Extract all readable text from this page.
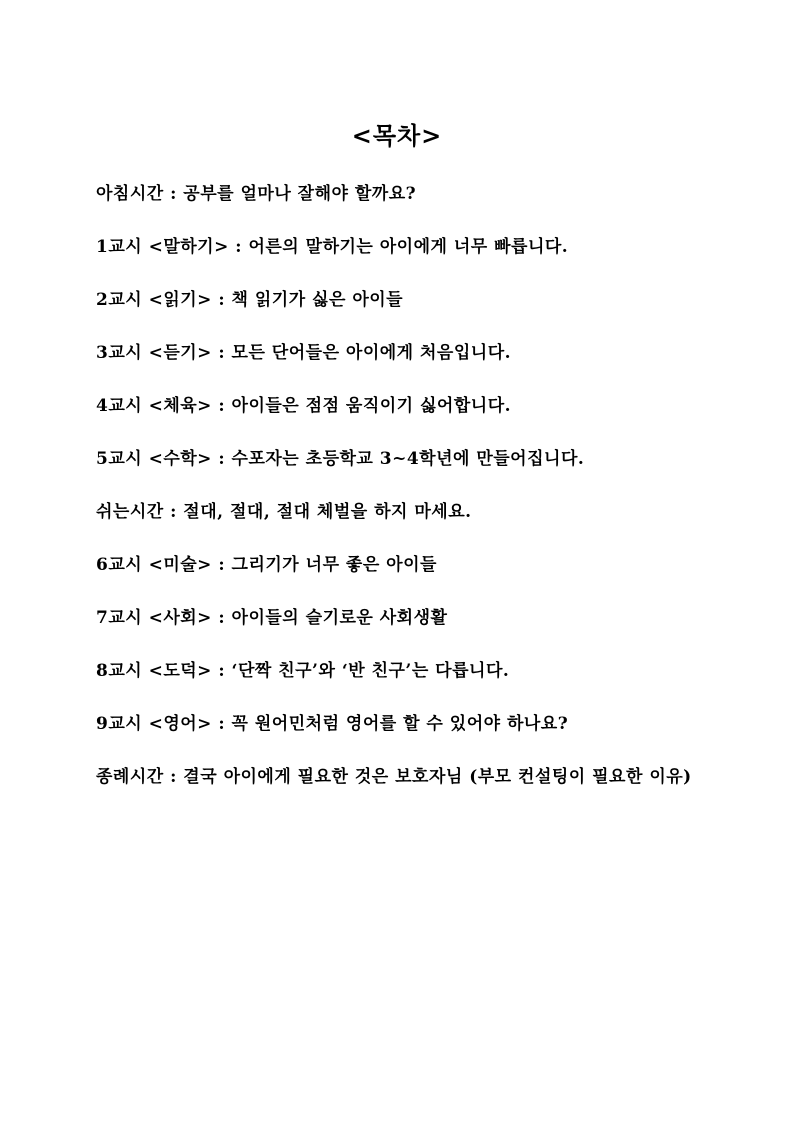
<목차>
아침시간 : 공부를 얼마나 잘해야 할까요?
1교시 <말하기> : 어른의 말하기는 아이에게 너무 빠릅니다.
2교시 <읽기> : 책 읽기가 싫은 아이들
3교시 <듣기> : 모든 단어들은 아이에게 처음입니다.
4교시 <체육> : 아이들은 점점 움직이기 싫어합니다.
5교시 <수학> : 수포자는 초등학교 3~4학년에 만들어집니다.
쉬는시간 : 절대, 절대, 절대 체벌을 하지 마세요.
6교시 <미술> : 그리기가 너무 좋은 아이들
7교시 <사회> : 아이들의 슬기로운 사회생활
8교시 <도덕> : ‘단짝 친구’와 ‘반 친구’는 다릅니다.
9교시 <영어> : 꼭 원어민처럼 영어를 할 수 있어야 하나요?
종례시간 : 결국 아이에게 필요한 것은 보호자님 (부모 컨설팅이 필요한 이유)
